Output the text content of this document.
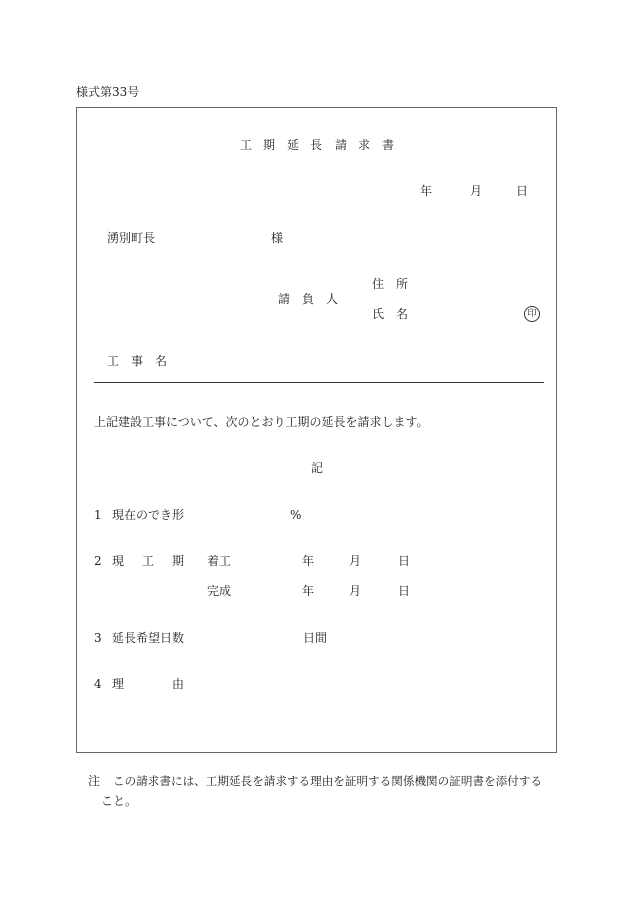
様式第33号
工 期 延 長 請 求 書
年	月	日
湧別町長	様
住　所
請　負　人
氏　名	印
工　事　名
上記建設工事について、次のとおり工期の延長を請求します。
記
1 現在のでき形	%
2 現 工 期 着工	年	月	日
完成	年	月	日
3 延長希望日数	日間
4 理	由
注 この請求書には、工期延長を請求する理由を証明する関係機関の証明書を添付する
こと。
